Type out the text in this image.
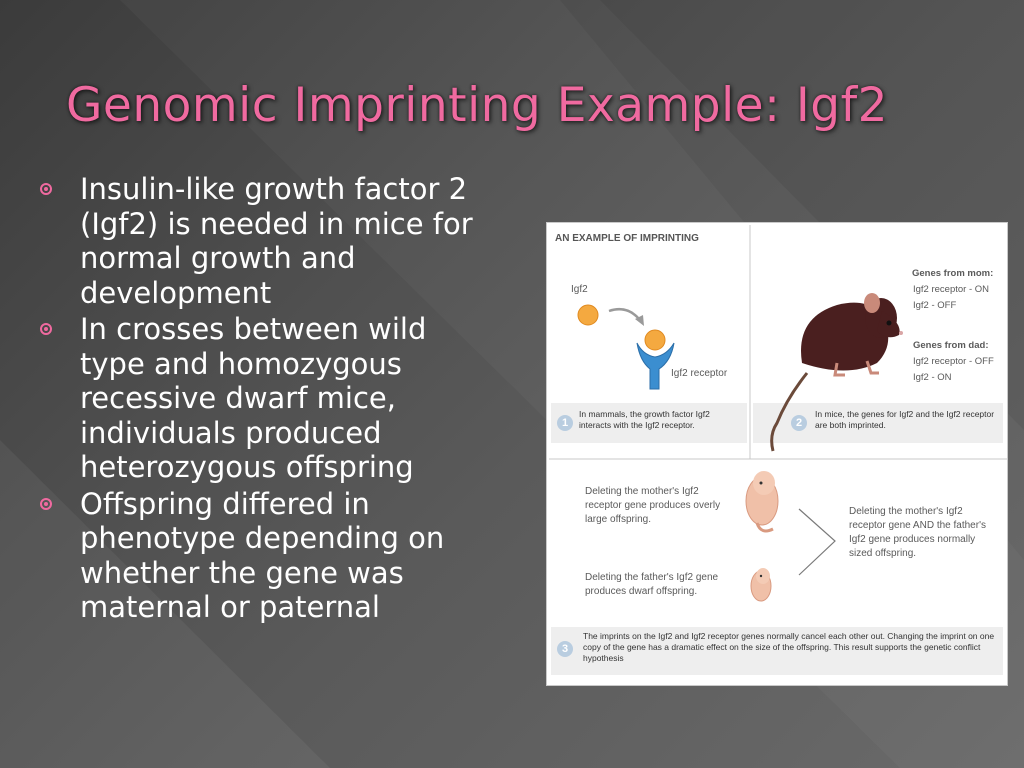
Genomic Imprinting Example: Igf2
Insulin-like growth factor 2 (Igf2) is needed in mice for normal growth and development
In crosses between wild type and homozygous recessive dwarf mice, individuals produced heterozygous offspring
Offspring differed in phenotype depending on whether the gene was maternal or paternal
AN EXAMPLE OF IMPRINTING
Igf2
Igf2 receptor
1
In mammals, the growth factor Igf2 interacts with the Igf2 receptor.
Genes from mom:
Igf2 receptor - ON
Igf2 - OFF
Genes from dad:
Igf2 receptor - OFF
Igf2 - ON
2
In mice, the genes for Igf2 and the Igf2 receptor are both imprinted.
Deleting the mother's Igf2 receptor gene produces overly large offspring.
Deleting the father's Igf2 gene produces dwarf offspring.
Deleting the mother's Igf2 receptor gene AND the father's Igf2 gene produces normally sized offspring.
3
The imprints on the Igf2 and Igf2 receptor genes normally cancel each other out. Changing the imprint on one copy of the gene has a dramatic effect on the size of the offspring. This result supports the genetic conflict hypothesis
